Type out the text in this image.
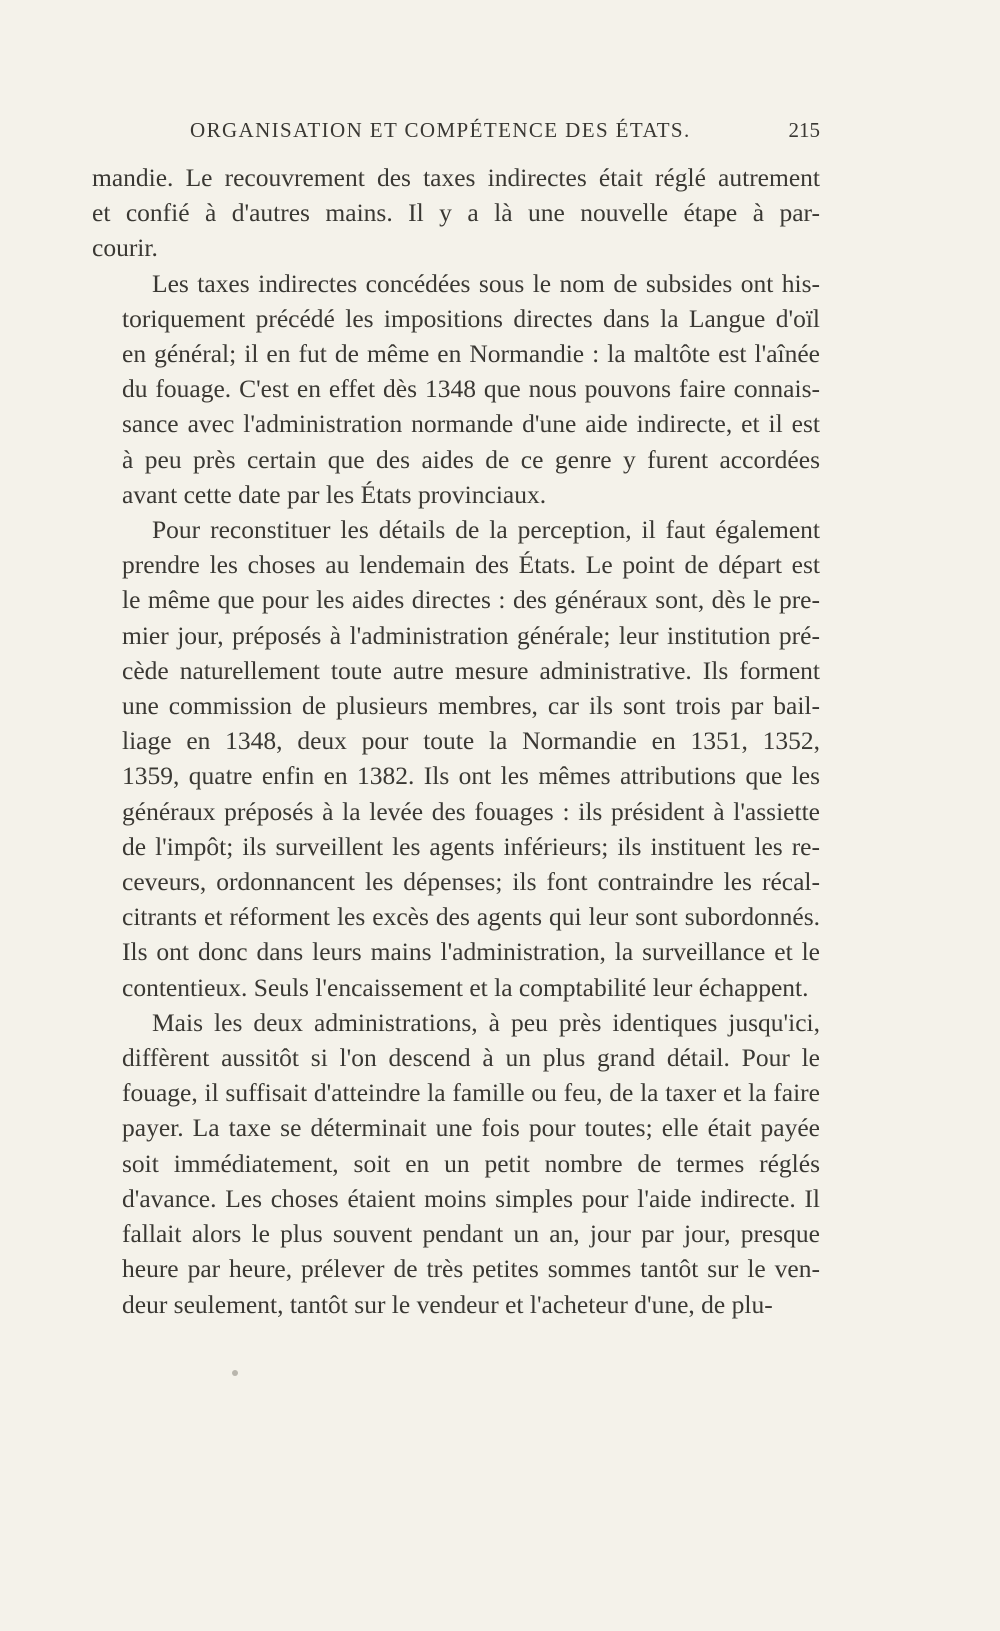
ORGANISATION ET COMPÉTENCE DES ÉTATS.	215
mandie. Le recouvrement des taxes indirectes était réglé autrement
et confié à d'autres mains. Il y a là une nouvelle étape à par-
courir.
Les taxes indirectes concédées sous le nom de subsides ont his-
toriquement précédé les impositions directes dans la Langue d'oïl
en général; il en fut de même en Normandie : la maltôte est l'aînée
du fouage. C'est en effet dès 1348 que nous pouvons faire connais-
sance avec l'administration normande d'une aide indirecte, et il est
à peu près certain que des aides de ce genre y furent accordées
avant cette date par les États provinciaux.
Pour reconstituer les détails de la perception, il faut également
prendre les choses au lendemain des États. Le point de départ est
le même que pour les aides directes : des généraux sont, dès le pre-
mier jour, préposés à l'administration générale; leur institution pré-
cède naturellement toute autre mesure administrative. Ils forment
une commission de plusieurs membres, car ils sont trois par bail-
liage en 1348, deux pour toute la Normandie en 1351, 1352,
1359, quatre enfin en 1382. Ils ont les mêmes attributions que les
généraux préposés à la levée des fouages : ils président à l'assiette
de l'impôt; ils surveillent les agents inférieurs; ils instituent les re-
ceveurs, ordonnancent les dépenses; ils font contraindre les récal-
citrants et réforment les excès des agents qui leur sont subordonnés.
Ils ont donc dans leurs mains l'administration, la surveillance et le
contentieux. Seuls l'encaissement et la comptabilité leur échappent.
Mais les deux administrations, à peu près identiques jusqu'ici,
diffèrent aussitôt si l'on descend à un plus grand détail. Pour le
fouage, il suffisait d'atteindre la famille ou feu, de la taxer et la faire
payer. La taxe se déterminait une fois pour toutes; elle était payée
soit immédiatement, soit en un petit nombre de termes réglés
d'avance. Les choses étaient moins simples pour l'aide indirecte. Il
fallait alors le plus souvent pendant un an, jour par jour, presque
heure par heure, prélever de très petites sommes tantôt sur le ven-
deur seulement, tantôt sur le vendeur et l'acheteur d'une, de plu-
